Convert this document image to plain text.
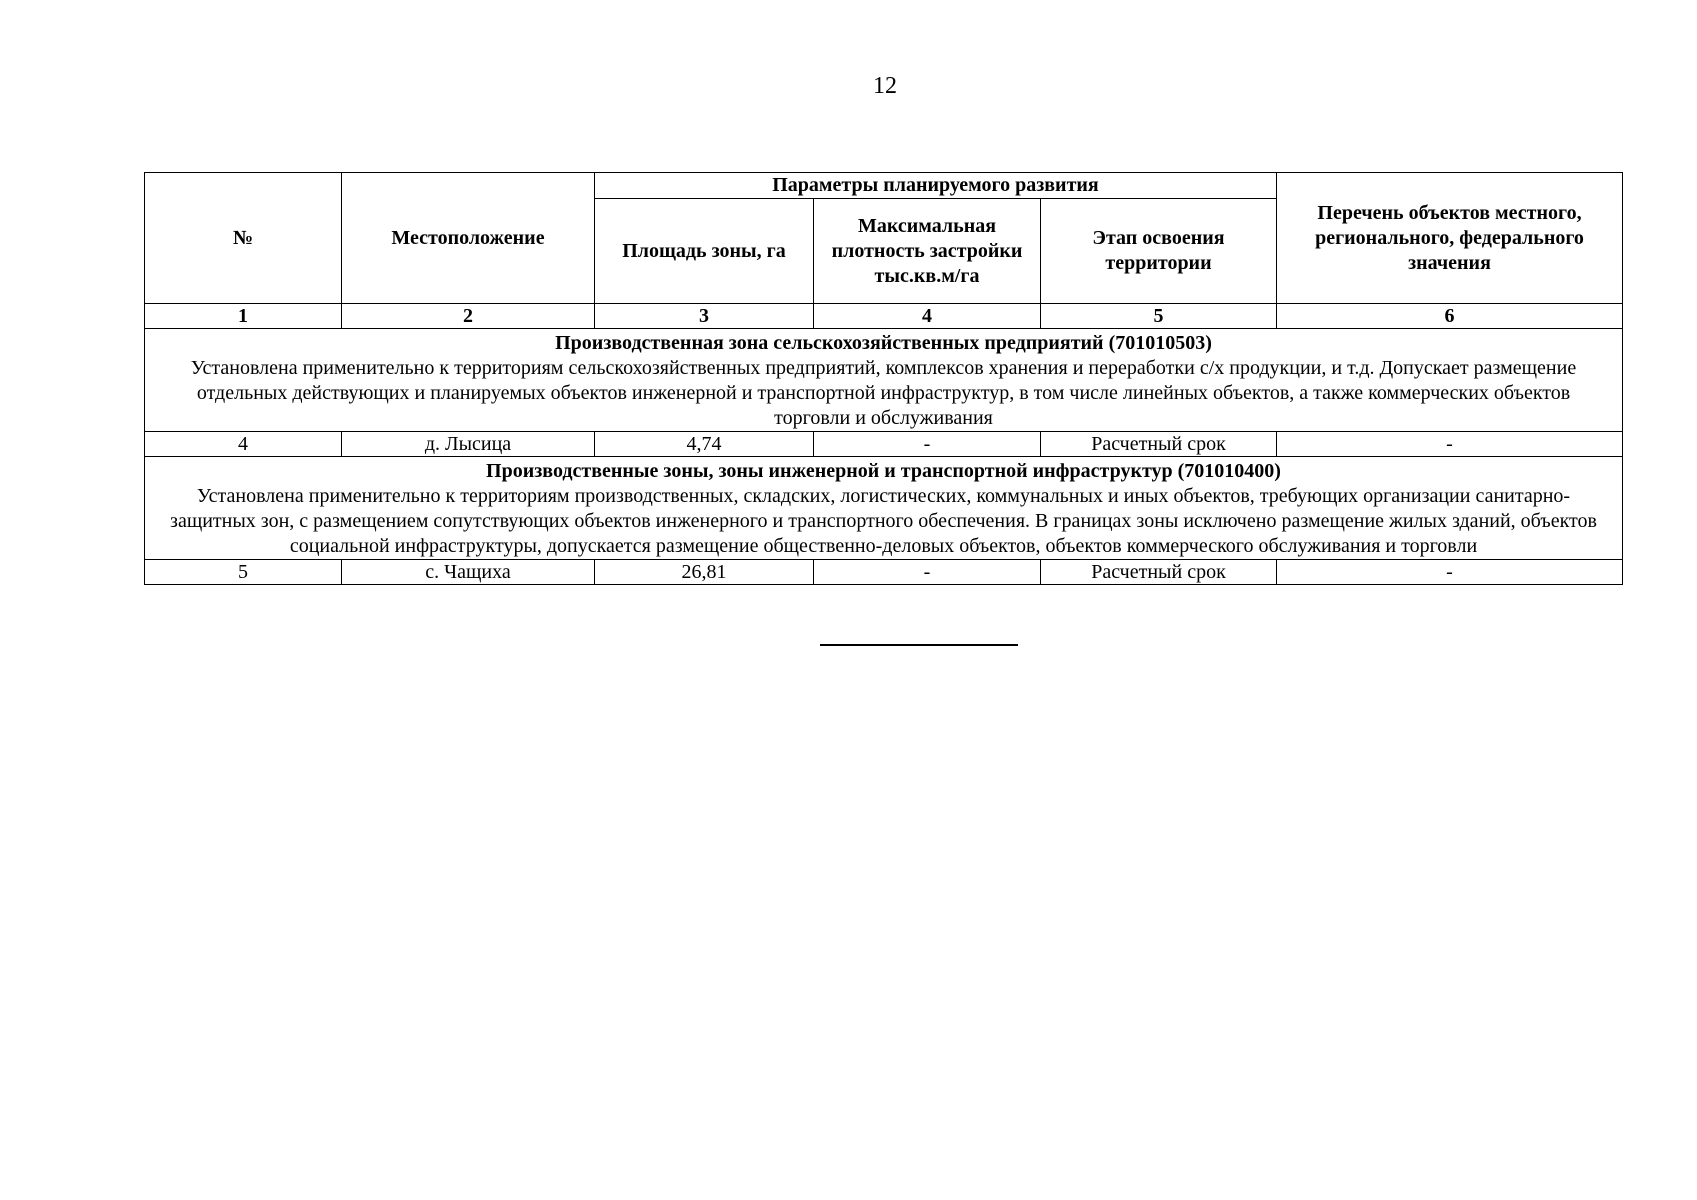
12
№	Местоположение	Параметры планируемого развития			Перечень объектов местного, регионального, федерального значения
		Площадь зоны, га	Максимальная плотность застройки тыс.кв.м/га	Этап освоения территории	
1	2	3	4	5	6

Производственная зона сельскохозяйственных предприятий (701010503)
Установлена применительно к территориям сельскохозяйственных предприятий, комплексов хранения и переработки с/х продукции, и т.д. Допускает размещение отдельных действующих и планируемых объектов инженерной и транспортной инфраструктур, в том числе линейных объектов, а также коммерческих объектов торговли и обслуживания					

4	д. Лысица	4,74	-	Расчетный срок	-

Производственные зоны, зоны инженерной и транспортной инфраструктур (701010400)
Установлена применительно к территориям производственных, складских, логистических, коммунальных и иных объектов, требующих организации санитарно-защитных зон, с размещением сопутствующих объектов инженерного и транспортного обеспечения. В границах зоны исключено размещение жилых зданий, объектов социальной инфраструктуры, допускается размещение общественно-деловых объектов, объектов коммерческого обслуживания и торговли					

5	с. Чащиха	26,81	-	Расчетный срок	-
